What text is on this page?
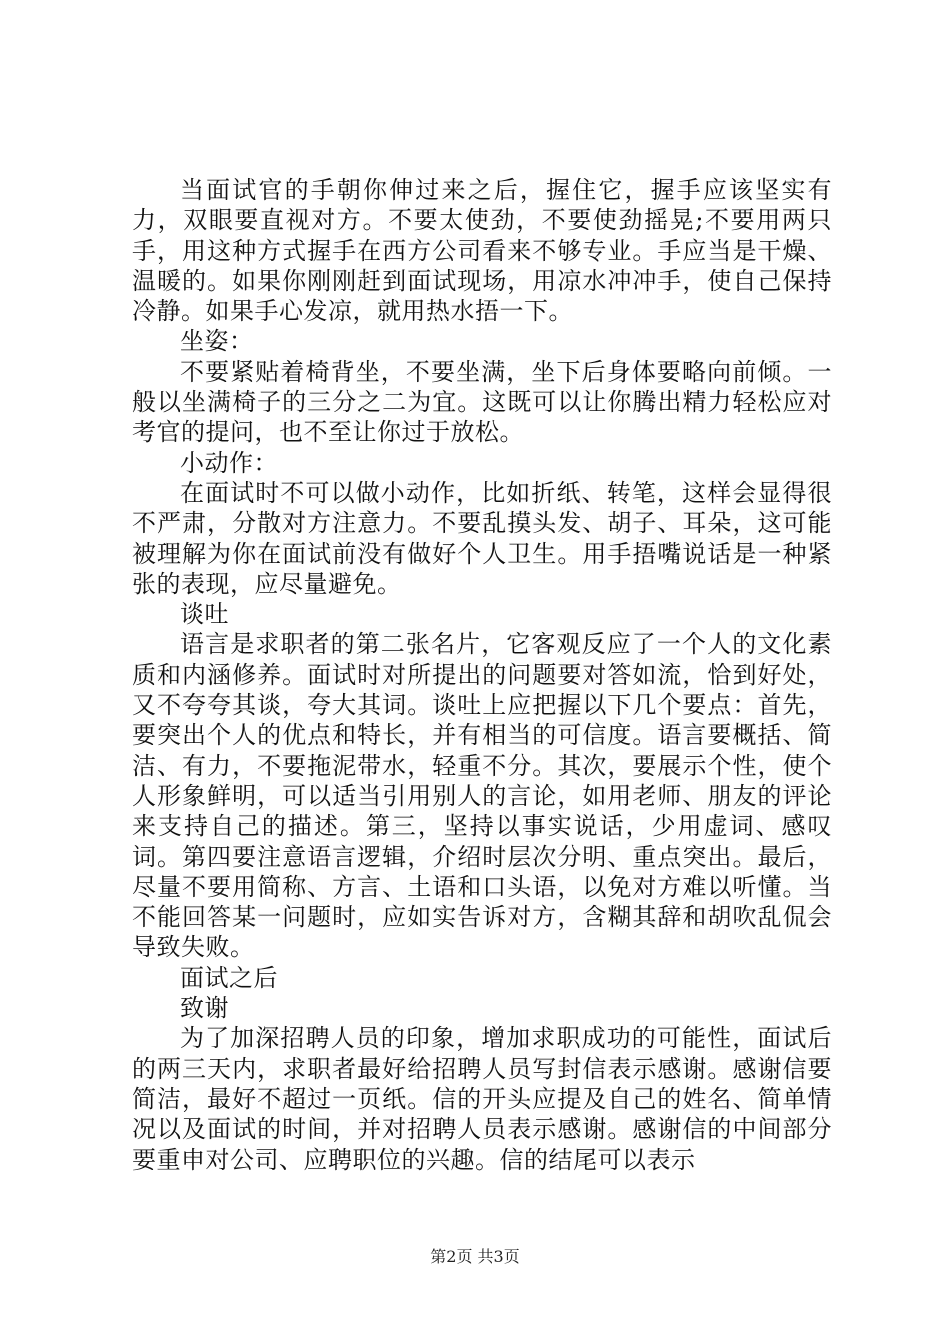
当面试官的手朝你伸过来之后，握住它，握手应该坚实有力，双眼要直视对方。不要太使劲，不要使劲摇晃;不要用两只手，用这种方式握手在西方公司看来不够专业。手应当是干燥、温暖的。如果你刚刚赶到面试现场，用凉水冲冲手，使自己保持冷静。如果手心发凉，就用热水捂一下。

坐姿：

不要紧贴着椅背坐，不要坐满，坐下后身体要略向前倾。一般以坐满椅子的三分之二为宜。这既可以让你腾出精力轻松应对考官的提问，也不至让你过于放松。

小动作：

在面试时不可以做小动作，比如折纸、转笔，这样会显得很不严肃，分散对方注意力。不要乱摸头发、胡子、耳朵，这可能被理解为你在面试前没有做好个人卫生。用手捂嘴说话是一种紧张的表现，应尽量避免。

谈吐

语言是求职者的第二张名片，它客观反应了一个人的文化素质和内涵修养。面试时对所提出的问题要对答如流，恰到好处，又不夸夸其谈，夸大其词。谈吐上应把握以下几个要点：首先，要突出个人的优点和特长，并有相当的可信度。语言要概括、简洁、有力，不要拖泥带水，轻重不分。其次，要展示个性，使个人形象鲜明，可以适当引用别人的言论，如用老师、朋友的评论来支持自己的描述。第三，坚持以事实说话，少用虚词、感叹词。第四要注意语言逻辑，介绍时层次分明、重点突出。最后，尽量不要用简称、方言、土语和口头语，以免对方难以听懂。当不能回答某一问题时，应如实告诉对方，含糊其辞和胡吹乱侃会导致失败。

面试之后

致谢

为了加深招聘人员的印象，增加求职成功的可能性，面试后的两三天内，求职者最好给招聘人员写封信表示感谢。感谢信要简洁，最好不超过一页纸。信的开头应提及自己的姓名、简单情况以及面试的时间，并对招聘人员表示感谢。感谢信的中间部分要重申对公司、应聘职位的兴趣。信的结尾可以表示

第2页 共3页
